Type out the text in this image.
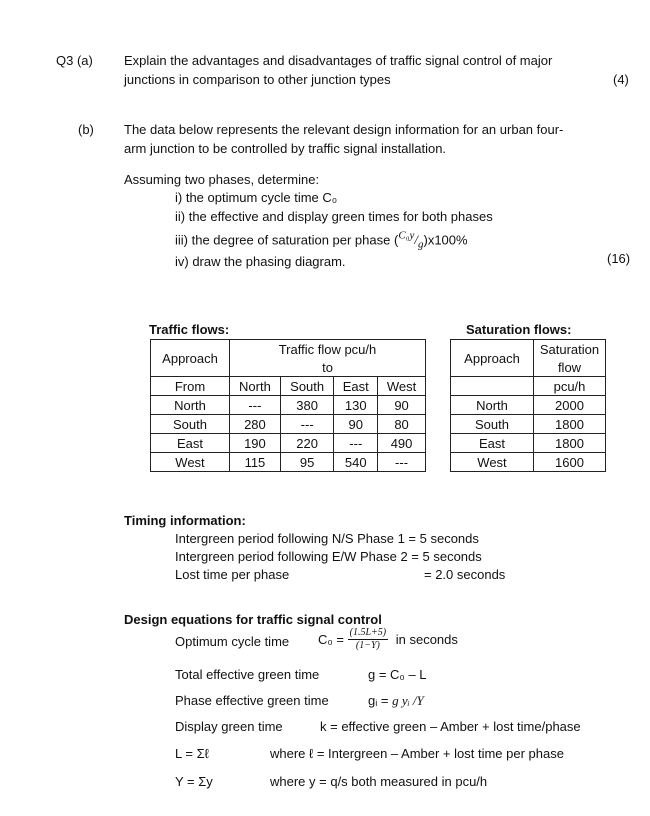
Q3 (a) Explain the advantages and disadvantages of traffic signal control of major
junctions in comparison to other junction types	(4)
(b) The data below represents the relevant design information for an urban four-
arm junction to be controlled by traffic signal installation.
Assuming two phases, determine:
i) the optimum cycle time C₀
ii) the effective and display green times for both phases
iii) the degree of saturation per phase $(^{C_0y}/_g)x100\%$
iv) draw the phasing diagram.	(16)
Traffic flows:
Approach	Traffic flow pcu/h			
	to			
From	North	South	East	West
North	---	380	130	90
South	280	---	90	80
East	190	220	---	490
West	115	95	540	---
Saturation flows:
Approach	Saturation
	flow
	pcu/h
North	2000
South	1800
East	1800
West	1600
Timing information:
Intergreen period following N/S Phase 1 = 5 seconds
Intergreen period following E/W Phase 2 = 5 seconds
Lost time per phase	= 2.0 seconds
Design equations for traffic signal control
Optimum cycle time $C_0 = \frac{(1.5L+5)}{(1-Y)}$ in seconds
Total effective green time	g = C₀ – L
Phase effective green time	gᵢ = g yᵢ /Y
Display green time	k = effective green – Amber + lost time/phase
L = Σℓ	where ℓ = Intergreen – Amber + lost time per phase
Y = Σy	where y = q/s both measured in pcu/h
